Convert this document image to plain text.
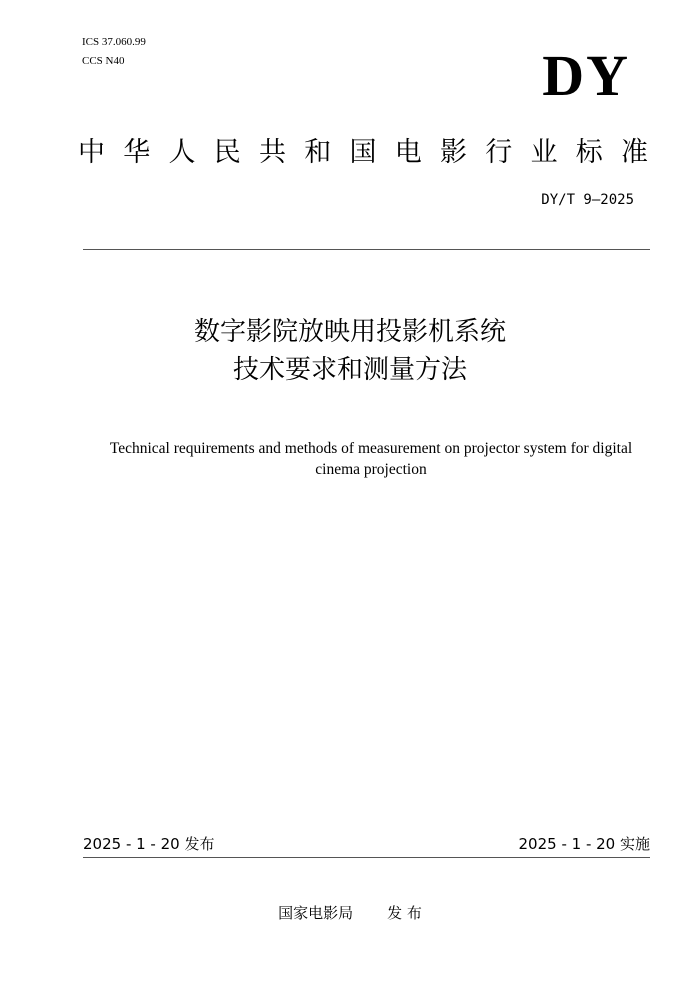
ICS 37.060.99
CCS N40	DY
中 华 人 民 共 和 国 电 影 行 业 标 准
DY/T 9—2025
数字影院放映用投影机系统
技术要求和测量方法
Technical requirements and methods of measurement on projector system for digital
cinema projection
2025 - 1 - 20 发布	2025 - 1 - 20 实施
国家电影局 发 布
